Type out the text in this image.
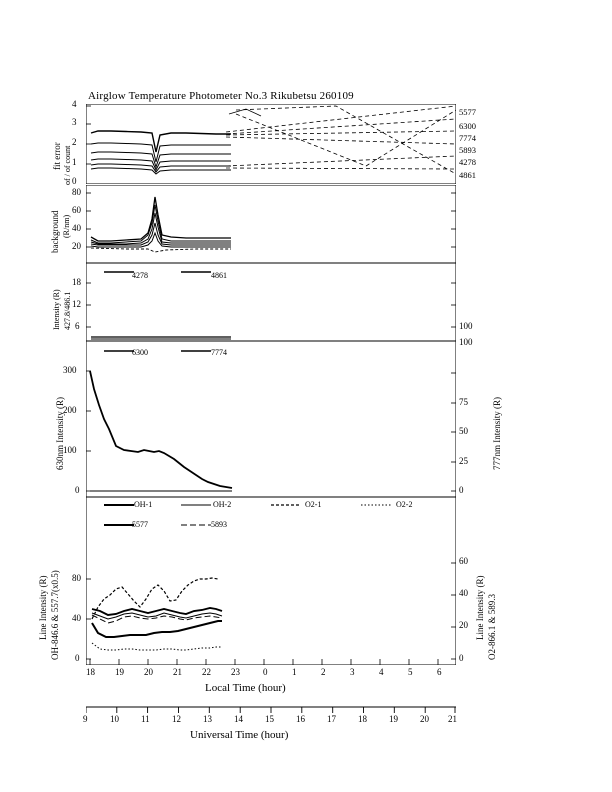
Airglow Temperature Photometer No.3 Rikubetsu 260109
4
3
2
1
0
fit error of / of count
5577
6300
7774
5893
4278
4861
80
60
40
20
background (R/nm)
18
12
6	100
Intensity (R) 427.8/486.1
4278	4861
300
200
100
0	0
25
50
75
100
630nm Intensity (R)	777nm Intensity (R)
6300	7774
80
40
0
60
40
20
0
Line Intensity (R) OH-846.6 & 557.7(x0.5)	Line Intensity (R) O2-866.1 & 589.3
OH-1	OH-2	O2-1	O2-2
5577	5893
18 19 20 21 22 23	0	1	2	3	4	5	6
Local Time (hour)
9	10 11 12 13 14 15 16 17 18 19 20 21
Universal Time (hour)
